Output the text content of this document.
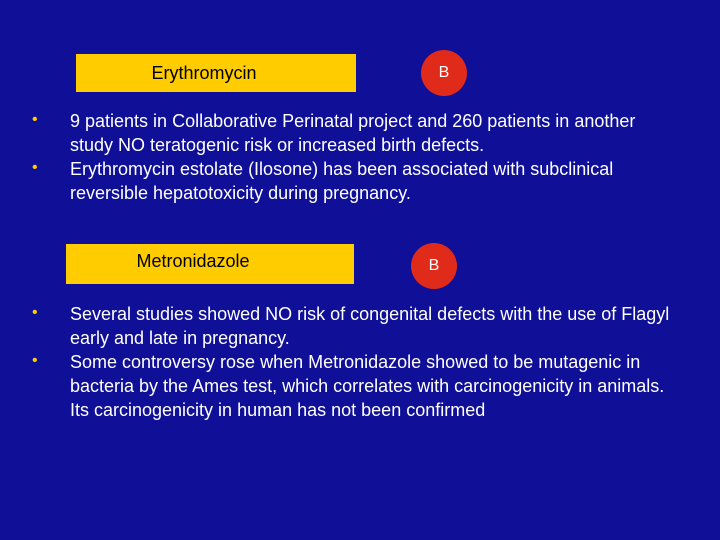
Erythromycin	B
• 9 patients in Collaborative Perinatal project and 260 patients in another study NO teratogenic risk or increased birth defects.
• Erythromycin estolate (Ilosone) has been associated with subclinical reversible hepatotoxicity during pregnancy.
Metronidazole	B
• Several studies showed NO risk of congenital defects with the use of Flagyl early and late in pregnancy.
• Some controversy rose when Metronidazole showed to be mutagenic in bacteria by the Ames test, which correlates with carcinogenicity in animals. Its carcinogenicity in human has not been confirmed
